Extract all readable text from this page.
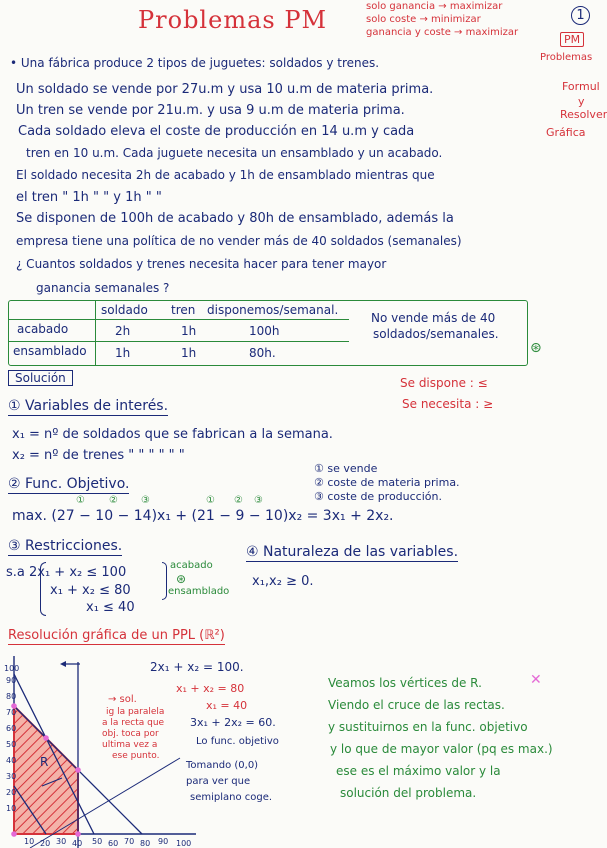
Problemas PM	solo ganancia → maximizar
solo coste → minimizar
ganancia y coste → maximizar
1
PM
Problemas
Formul
y
Resolver
Gráfica
• Una fábrica produce 2 tipos de juguetes: soldados y trenes.
Un soldado se vende por 27u.m y usa 10 u.m de materia prima.
Un tren se vende por 21u.m. y usa 9 u.m de materia prima.
Cada soldado eleva el coste de producción en 14 u.m y cada
tren en 10 u.m. Cada juguete necesita un ensamblado y un acabado.
El soldado necesita 2h de acabado y 1h de ensamblado mientras que
el tren " 1h " " y 1h " "
Se disponen de 100h de acabado y 80h de ensamblado, además la
empresa tiene una política de no vender más de 40 soldados (semanales)
¿ Cuantos soldados y trenes necesita hacer para tener mayor
ganancia semanales ?
soldado tren disponemos/semanal.
acabado	2h	1h	100h
ensamblado 1h	1h	80h.
No vende más de 40
soldados/semanales.
⊛
Solución	Se dispone : ≤
Se necesita : ≥
① Variables de interés.
x₁ = nº de soldados que se fabrican a la semana.
x₂ = nº de trenes " " " " " "
① se vende
② coste de materia prima.
③ coste de producción.
② Func. Objetivo.
① ② ③	① ② ③
max. (27 − 10 − 14)x₁ + (21 − 9 − 10)x₂ = 3x₁ + 2x₂.
③ Restricciones.	④ Naturaleza de las variables.
s.a 2x₁ + x₂ ≤ 100
x₁ + x₂ ≤ 80
x₁ ≤ 40
acabado
⊛
ensamblado
x₁,x₂ ≥ 0.
Resolución gráfica de un PPL (ℝ²)
100
90
80
70
60
50
40
30
20
10
10 20 30 40 50 60 70 80 90 100
R
2x₁ + x₂ = 100.
x₁ + x₂ = 80
x₁ = 40
3x₁ + 2x₂ = 60.
Lo func. objetivo
→ sol.
ig la paralela
a la recta que
obj. toca por
ultima vez a
ese punto.
Tomando (0,0)
para ver que
semiplano coge.
Veamos los vértices de R.	✕
Viendo el cruce de las rectas.
y sustituirnos en la func. objetivo
y lo que de mayor valor (pq es max.)
ese es el máximo valor y la
solución del problema.
